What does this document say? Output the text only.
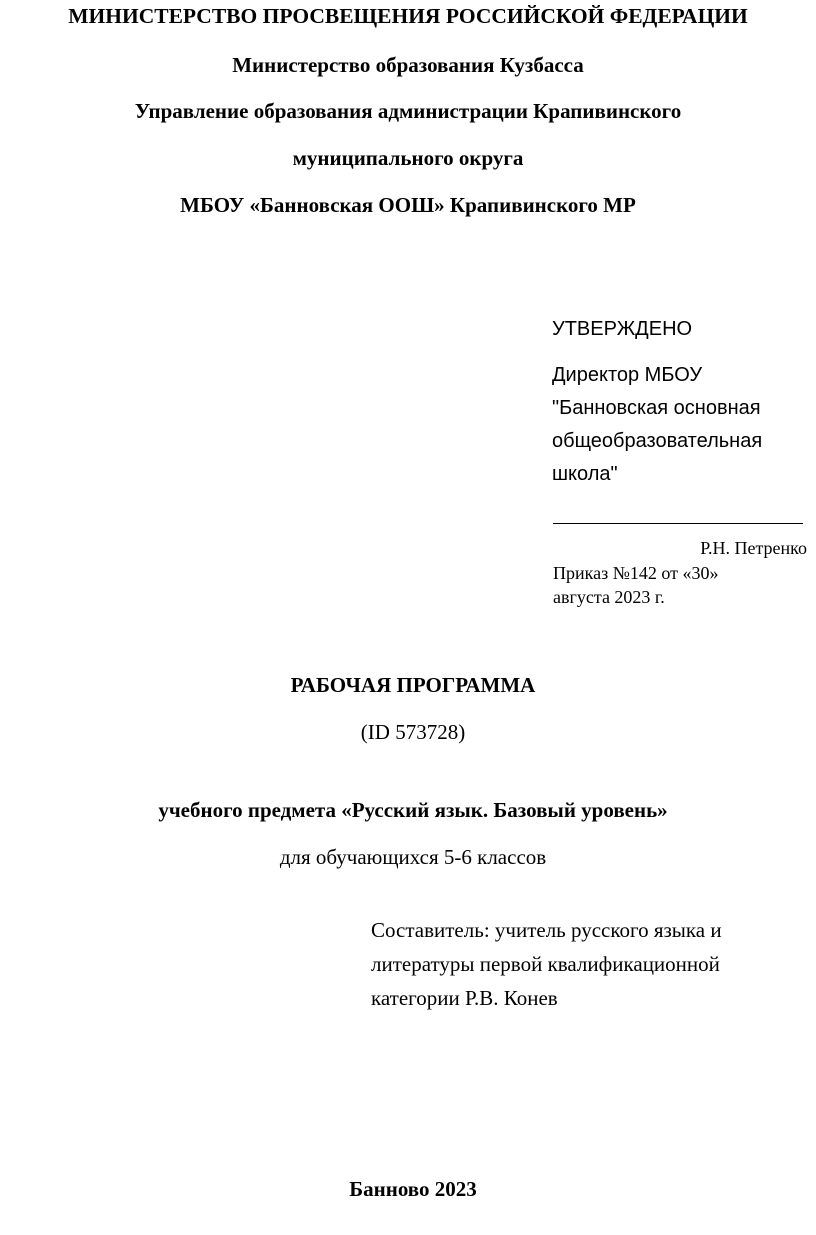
МИНИСТЕРСТВО ПРОСВЕЩЕНИЯ РОССИЙСКОЙ ФЕДЕРАЦИИ
Министерство образования Кузбасса
Управление образования администрации Крапивинского
муниципального округа
МБОУ «Банновская ООШ» Крапивинского МР
УТВЕРЖДЕНО
Директор МБОУ
"Банновская основная
общеобразовательная
школа"
Р.Н. Петренко
Приказ №142 от «30»
августа 2023 г.
РАБОЧАЯ ПРОГРАММА
(ID 573728)
учебного предмета «Русский язык. Базовый уровень»
для обучающихся 5-6 классов
Составитель: учитель русского языка и
литературы первой квалификационной
категории Р.В. Конев
Банново 2023
